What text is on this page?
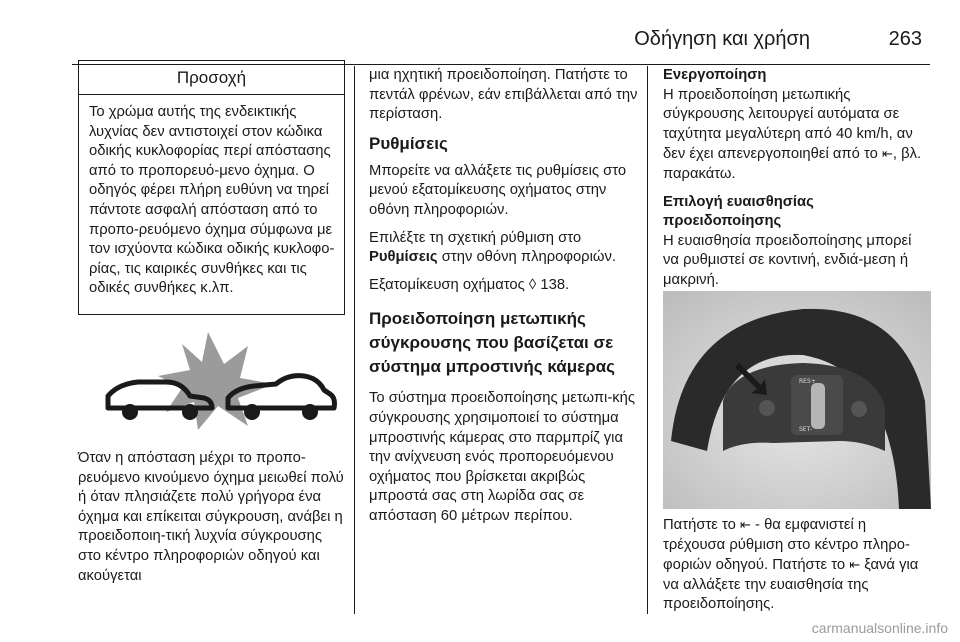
Οδήγηση και χρήση	263
Προσοχή
Το χρώμα αυτής της ενδεικτικής λυχνίας δεν αντιστοιχεί στον κώδικα οδικής κυκλοφορίας περί απόστασης από το προπορευό-μενο όχημα. Ο οδηγός φέρει πλήρη ευθύνη να τηρεί πάντοτε ασφαλή απόσταση από το προπο-ρευόμενο όχημα σύμφωνα με τον ισχύοντα κώδικα οδικής κυκλοφο-ρίας, τις καιρικές συνθήκες και τις οδικές συνθήκες κ.λπ.

Όταν η απόσταση μέχρι το προπο-ρευόμενο κινούμενο όχημα μειωθεί πολύ ή όταν πλησιάζετε πολύ γρήγορα ένα όχημα και επίκειται σύγκρουση, ανάβει η προειδοποιη-τική λυχνία σύγκρουσης στο κέντρο πληροφοριών οδηγού και ακούγεται

μια ηχητική προειδοποίηση. Πατήστε το πεντάλ φρένων, εάν επιβάλλεται από την περίσταση.

Ρυθμίσεις

Μπορείτε να αλλάξετε τις ρυθμίσεις στο μενού εξατομίκευσης οχήματος στην οθόνη πληροφοριών.

Επιλέξτε τη σχετική ρύθμιση στο Ρυθμίσεις στην οθόνη πληροφοριών.

Εξατομίκευση οχήματος ◊ 138.

Προειδοποίηση μετωπικής σύγκρουσης που βασίζεται σε σύστημα μπροστινής κάμερας

Το σύστημα προειδοποίησης μετωπι-κής σύγκρουσης χρησιμοποιεί το σύστημα μπροστινής κάμερας στο παρμπρίζ για την ανίχνευση ενός προπορευόμενου οχήματος που βρίσκεται ακριβώς μπροστά σας στη λωρίδα σας σε απόσταση 60 μέτρων περίπου.

Ενεργοποίηση

Η προειδοποίηση μετωπικής σύγκρουσης λειτουργεί αυτόματα σε ταχύτητα μεγαλύτερη από 40 km/h, αν δεν έχει απενεργοποιηθεί από το ⇤, βλ. παρακάτω.

Επιλογή ευαισθησίας προειδοποίησης

Η ευαισθησία προειδοποίησης μπορεί να ρυθμιστεί σε κοντινή, ενδιά-μεση ή μακρινή.

RES+
SET-

Πατήστε το ⇤ - θα εμφανιστεί η τρέχουσα ρύθμιση στο κέντρο πληρο-φοριών οδηγού. Πατήστε το ⇤ ξανά για να αλλάξετε την ευαισθησία της προειδοποίησης.

carmanualsonline.info
